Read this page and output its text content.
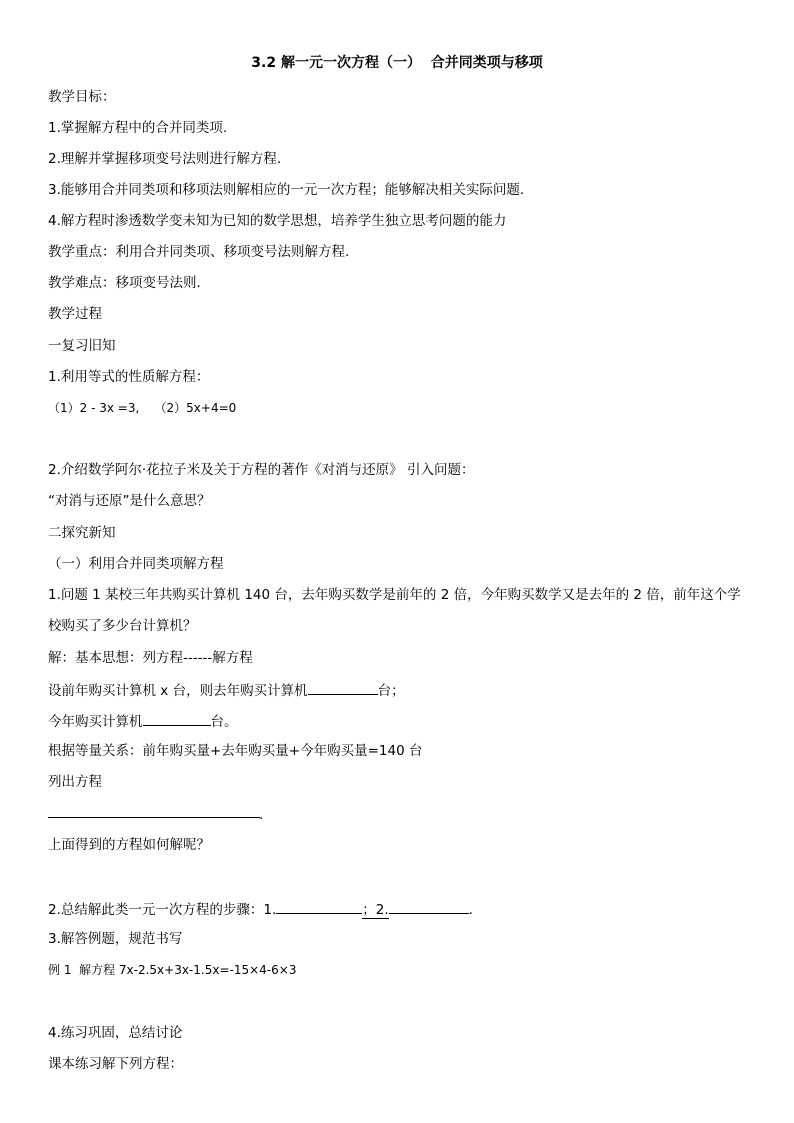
3.2 解一元一次方程（一）  合并同类项与移项
教学目标：
1.掌握解方程中的合并同类项.
2.理解并掌握移项变号法则进行解方程.
3.能够用合并同类项和移项法则解相应的一元一次方程；能够解决相关实际问题.
4.解方程时渗透数学变未知为已知的数学思想，培养学生独立思考问题的能力
教学重点：利用合并同类项、移项变号法则解方程.
教学难点：移项变号法则.
教学过程
一复习旧知
1.利用等式的性质解方程：
（1）2 - 3x =3,    （2）5x+4=0
2.介绍数学阿尔·花拉子米及关于方程的著作《对消与还原》 引入问题：
“对消与还原”是什么意思？
二探究新知
（一）利用合并同类项解方程
1.问题 1 某校三年共购买计算机 140 台，去年购买数学是前年的 2 倍，今年购买数学又是去年的 2 倍，前年这个学
校购买了多少台计算机？
解：基本思想：列方程------解方程
设前年购买计算机 x 台，则去年购买计算机	台；
今年购买计算机	台。
根据等量关系：前年购买量+去年购买量+今年购买量=140 台
列出方程
.
上面得到的方程如何解呢？
2.总结解此类一元一次方程的步骤：1.	；2.	.
3.解答例题，规范书写
例 1  解方程 7x-2.5x+3x-1.5x=-15×4-6×3
4.练习巩固，总结讨论
课本练习解下列方程：
